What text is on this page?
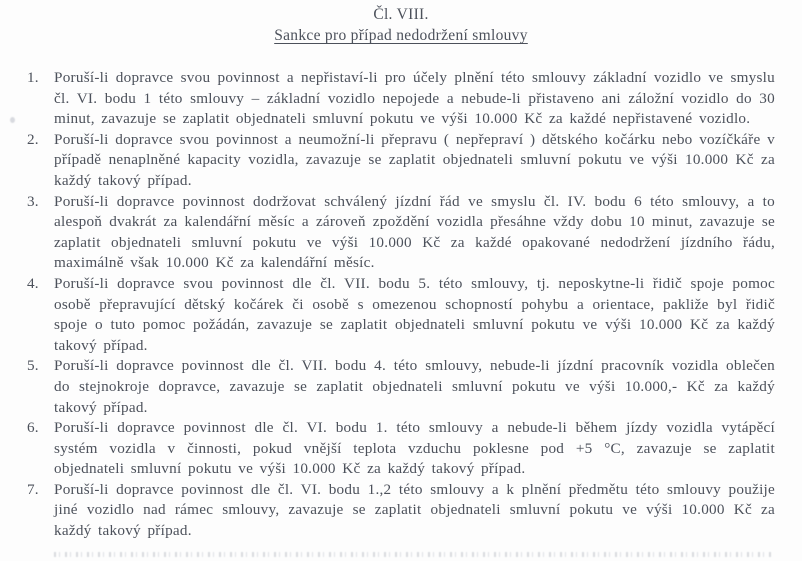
Čl. VIII.
Sankce pro případ nedodržení smlouvy
1.	Poruší-li dopravce svou povinnost a nepřistaví-li pro účely plnění této smlouvy základní vozidlo ve smyslu čl. VI. bodu 1 této smlouvy – základní vozidlo nepojede a nebude-li přistaveno ani záložní vozidlo do 30 minut, zavazuje se zaplatit objednateli smluvní pokutu ve výši 10.000 Kč za každé nepřistavené vozidlo.

2.	Poruší-li dopravce svou povinnost a neumožní-li přepravu ( nepřepraví ) dětského kočárku nebo vozíčkáře v případě nenaplněné kapacity vozidla, zavazuje se zaplatit objednateli smluvní pokutu ve výši 10.000 Kč za každý takový případ.

3.	Poruší-li dopravce povinnost dodržovat schválený jízdní řád ve smyslu čl. IV. bodu 6 této smlouvy, a to alespoň dvakrát za kalendářní měsíc a zároveň zpoždění vozidla přesáhne vždy dobu 10 minut, zavazuje se zaplatit objednateli smluvní pokutu ve výši 10.000 Kč za každé opakované nedodržení jízdního řádu, maximálně však 10.000 Kč za kalendářní měsíc.

4.	Poruší-li dopravce svou povinnost dle čl. VII. bodu 5. této smlouvy, tj. neposkytne-li řidič spoje pomoc osobě přepravující dětský kočárek či osobě s omezenou schopností pohybu a orientace, pakliže byl řidič spoje o tuto pomoc požádán, zavazuje se zaplatit objednateli smluvní pokutu ve výši 10.000 Kč za každý takový případ.

5.	Poruší-li dopravce povinnost dle čl. VII. bodu 4. této smlouvy, nebude-li jízdní pracovník vozidla oblečen do stejnokroje dopravce, zavazuje se zaplatit objednateli smluvní pokutu ve výši 10.000,- Kč za každý takový případ.

6.	Poruší-li dopravce povinnost dle čl. VI. bodu 1. této smlouvy a nebude-li během jízdy vozidla vytápěcí systém vozidla v činnosti, pokud vnější teplota vzduchu poklesne pod +5 °C, zavazuje se zaplatit objednateli smluvní pokutu ve výši 10.000 Kč za každý takový případ.

7.	Poruší-li dopravce povinnost dle čl. VI. bodu 1.,2 této smlouvy a k plnění předmětu této smlouvy použije jiné vozidlo nad rámec smlouvy, zavazuje se zaplatit objednateli smluvní pokutu ve výši 10.000 Kč za každý takový případ.
